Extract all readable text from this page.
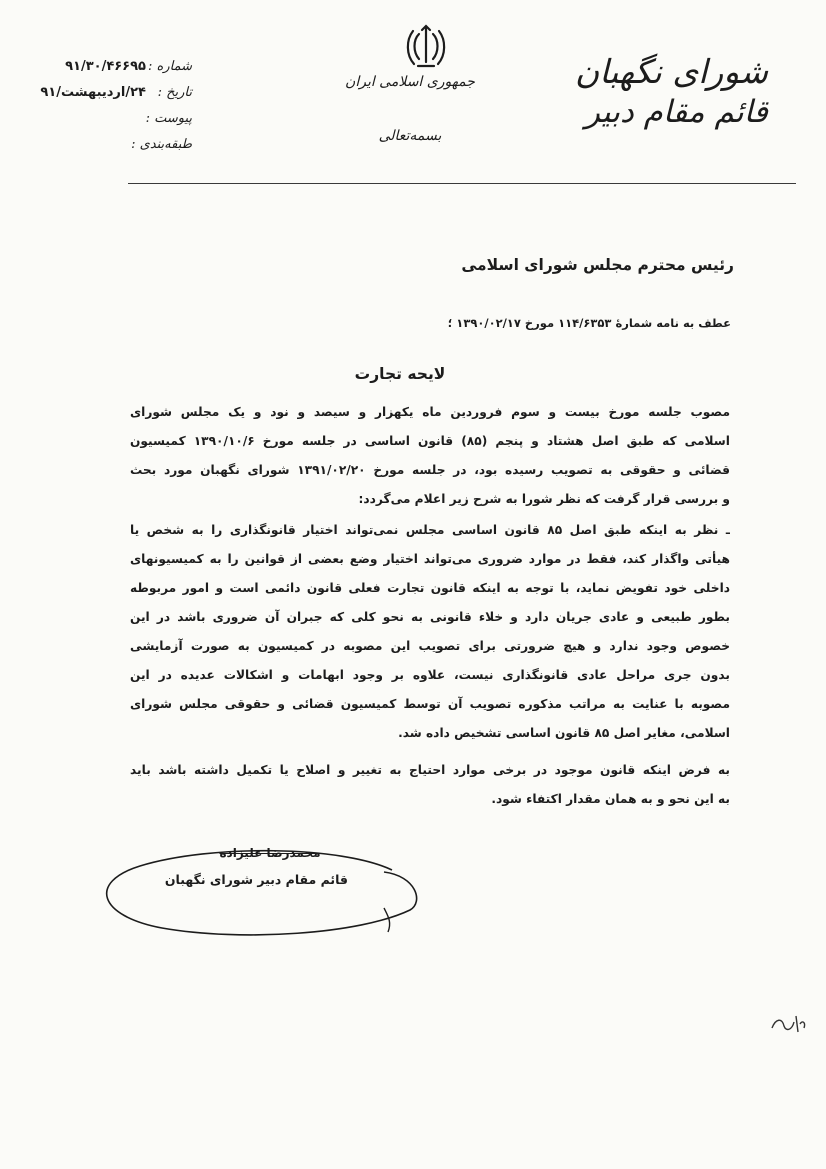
شورای نگهبان
قائم مقام دبیر
جمهوری اسلامی ایران
بسمه‌تعالی
شماره :
۹۱/۳۰/۴۶۶۹۵
تاریخ :
۲۴/اردیبهشت/۹۱
پیوست :
طبقه‌بندی :
رئیس محترم مجلس شورای اسلامی
عطف به نامه شمارۀ ۱۱۴/۶۳۵۳ مورخ ۱۳۹۰/۰۲/۱۷ ؛
لایحه تجارت
مصوب جلسه مورخ بیست و سوم فروردین ماه یکهزار و سیصد و نود و یک مجلس شورای
اسلامی که طبق اصل هشتاد و پنجم (۸۵) قانون اساسی در جلسه مورخ ۱۳۹۰/۱۰/۶ کمیسیون
قضائی و حقوقی به تصویب رسیده بود، در جلسه مورخ ۱۳۹۱/۰۲/۲۰ شورای نگهبان مورد بحث
و بررسی قرار گرفت که نظر شورا به شرح زیر اعلام می‌گردد:
ـ نظر به اینکه طبق اصل ۸۵ قانون اساسی مجلس نمی‌تواند اختیار قانونگذاری را به شخص یا
هیأتی واگذار کند، فقط در موارد ضروری می‌تواند اختیار وضع بعضی از قوانین را به کمیسیونهای
داخلی خود تفویض نماید، با توجه به اینکه قانون تجارت فعلی قانون دائمی است و امور مربوطه
بطور طبیعی و عادی جریان دارد و خلاء قانونی به نحو کلی که جبران آن ضروری باشد در این
خصوص وجود ندارد و هیچ ضرورتی برای تصویب این مصوبه در کمیسیون به صورت آزمایشی
بدون جری مراحل عادی قانونگذاری نیست، علاوه بر وجود ابهامات و اشکالات عدیده در این
مصوبه با عنایت به مراتب مذکوره تصویب آن توسط کمیسیون قضائی و حقوقی مجلس شورای
اسلامی، مغایر اصل ۸۵ قانون اساسی تشخیص داده شد.
به فرض اینکه قانون موجود در برخی موارد احتیاج به تغییر و اصلاح یا تکمیل داشته باشد باید
به این نحو و به همان مقدار اکتفاء شود.
محمدرضا علیزاده
قائم مقام دبیر شورای نگهبان
